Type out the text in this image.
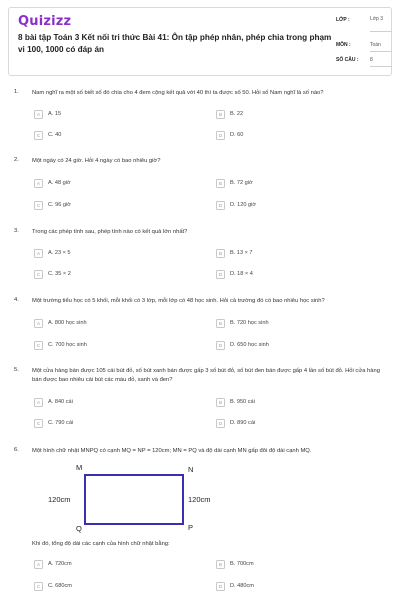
Quizizz
8 bài tập Toán 3 Kết nối tri thức Bài 41: Ôn tập phép nhân, phép chia trong phạm vi 100, 1000 có đáp án
LỚP :	Lớp 3
MÔN :	Toán
SỐ CÂU : 8
1. Nam nghĩ ra một số biết số đó chia cho 4 đem cộng kết quả với 40 thì ta được số 50. Hỏi số Nam nghĩ là số nào?
A	A. 15	B	B. 22
C	C. 40	D	D. 60
2. Một ngày có 24 giờ. Hỏi 4 ngày có bao nhiêu giờ?
A	A. 48 giờ	B	B. 72 giờ
C	C. 96 giờ	D	D. 120 giờ
3. Trong các phép tính sau, phép tính nào có kết quả lớn nhất?
A	A. 23 × 5	B	B. 13 × 7
C	C. 35 × 2	D	D. 18 × 4
4. Một trường tiểu học có 5 khối, mỗi khối có 3 lớp, mỗi lớp có 48 học sinh. Hỏi cả trường đó có bao nhiêu học sinh?
A	A. 800 học sinh	B	B. 720 học sinh
C	C. 700 học sinh	D	D. 650 học sinh
5. Một cửa hàng bán được 105 cái bút đỏ, số bút xanh bán được gấp 3 số bút đỏ, số bút đen bán được gấp 4 lần số bút đỏ. Hỏi cửa hàng bán được bao nhiêu cái bút các màu đỏ, xanh và đen?
A	A. 840 cái	B	B. 950 cái
C	C. 790 cái	D	D. 890 cái
6. Một hình chữ nhật MNPQ có cạnh MQ = NP = 120cm; MN = PQ và độ dài cạnh MN gấp đôi độ dài cạnh MQ.
M	N
Q	P
120cm	120cm
Khi đó, tổng độ dài các cạnh của hình chữ nhật bằng:
A	A. 720cm	B	B. 700cm
C	C. 680cm	D	D. 480cm
